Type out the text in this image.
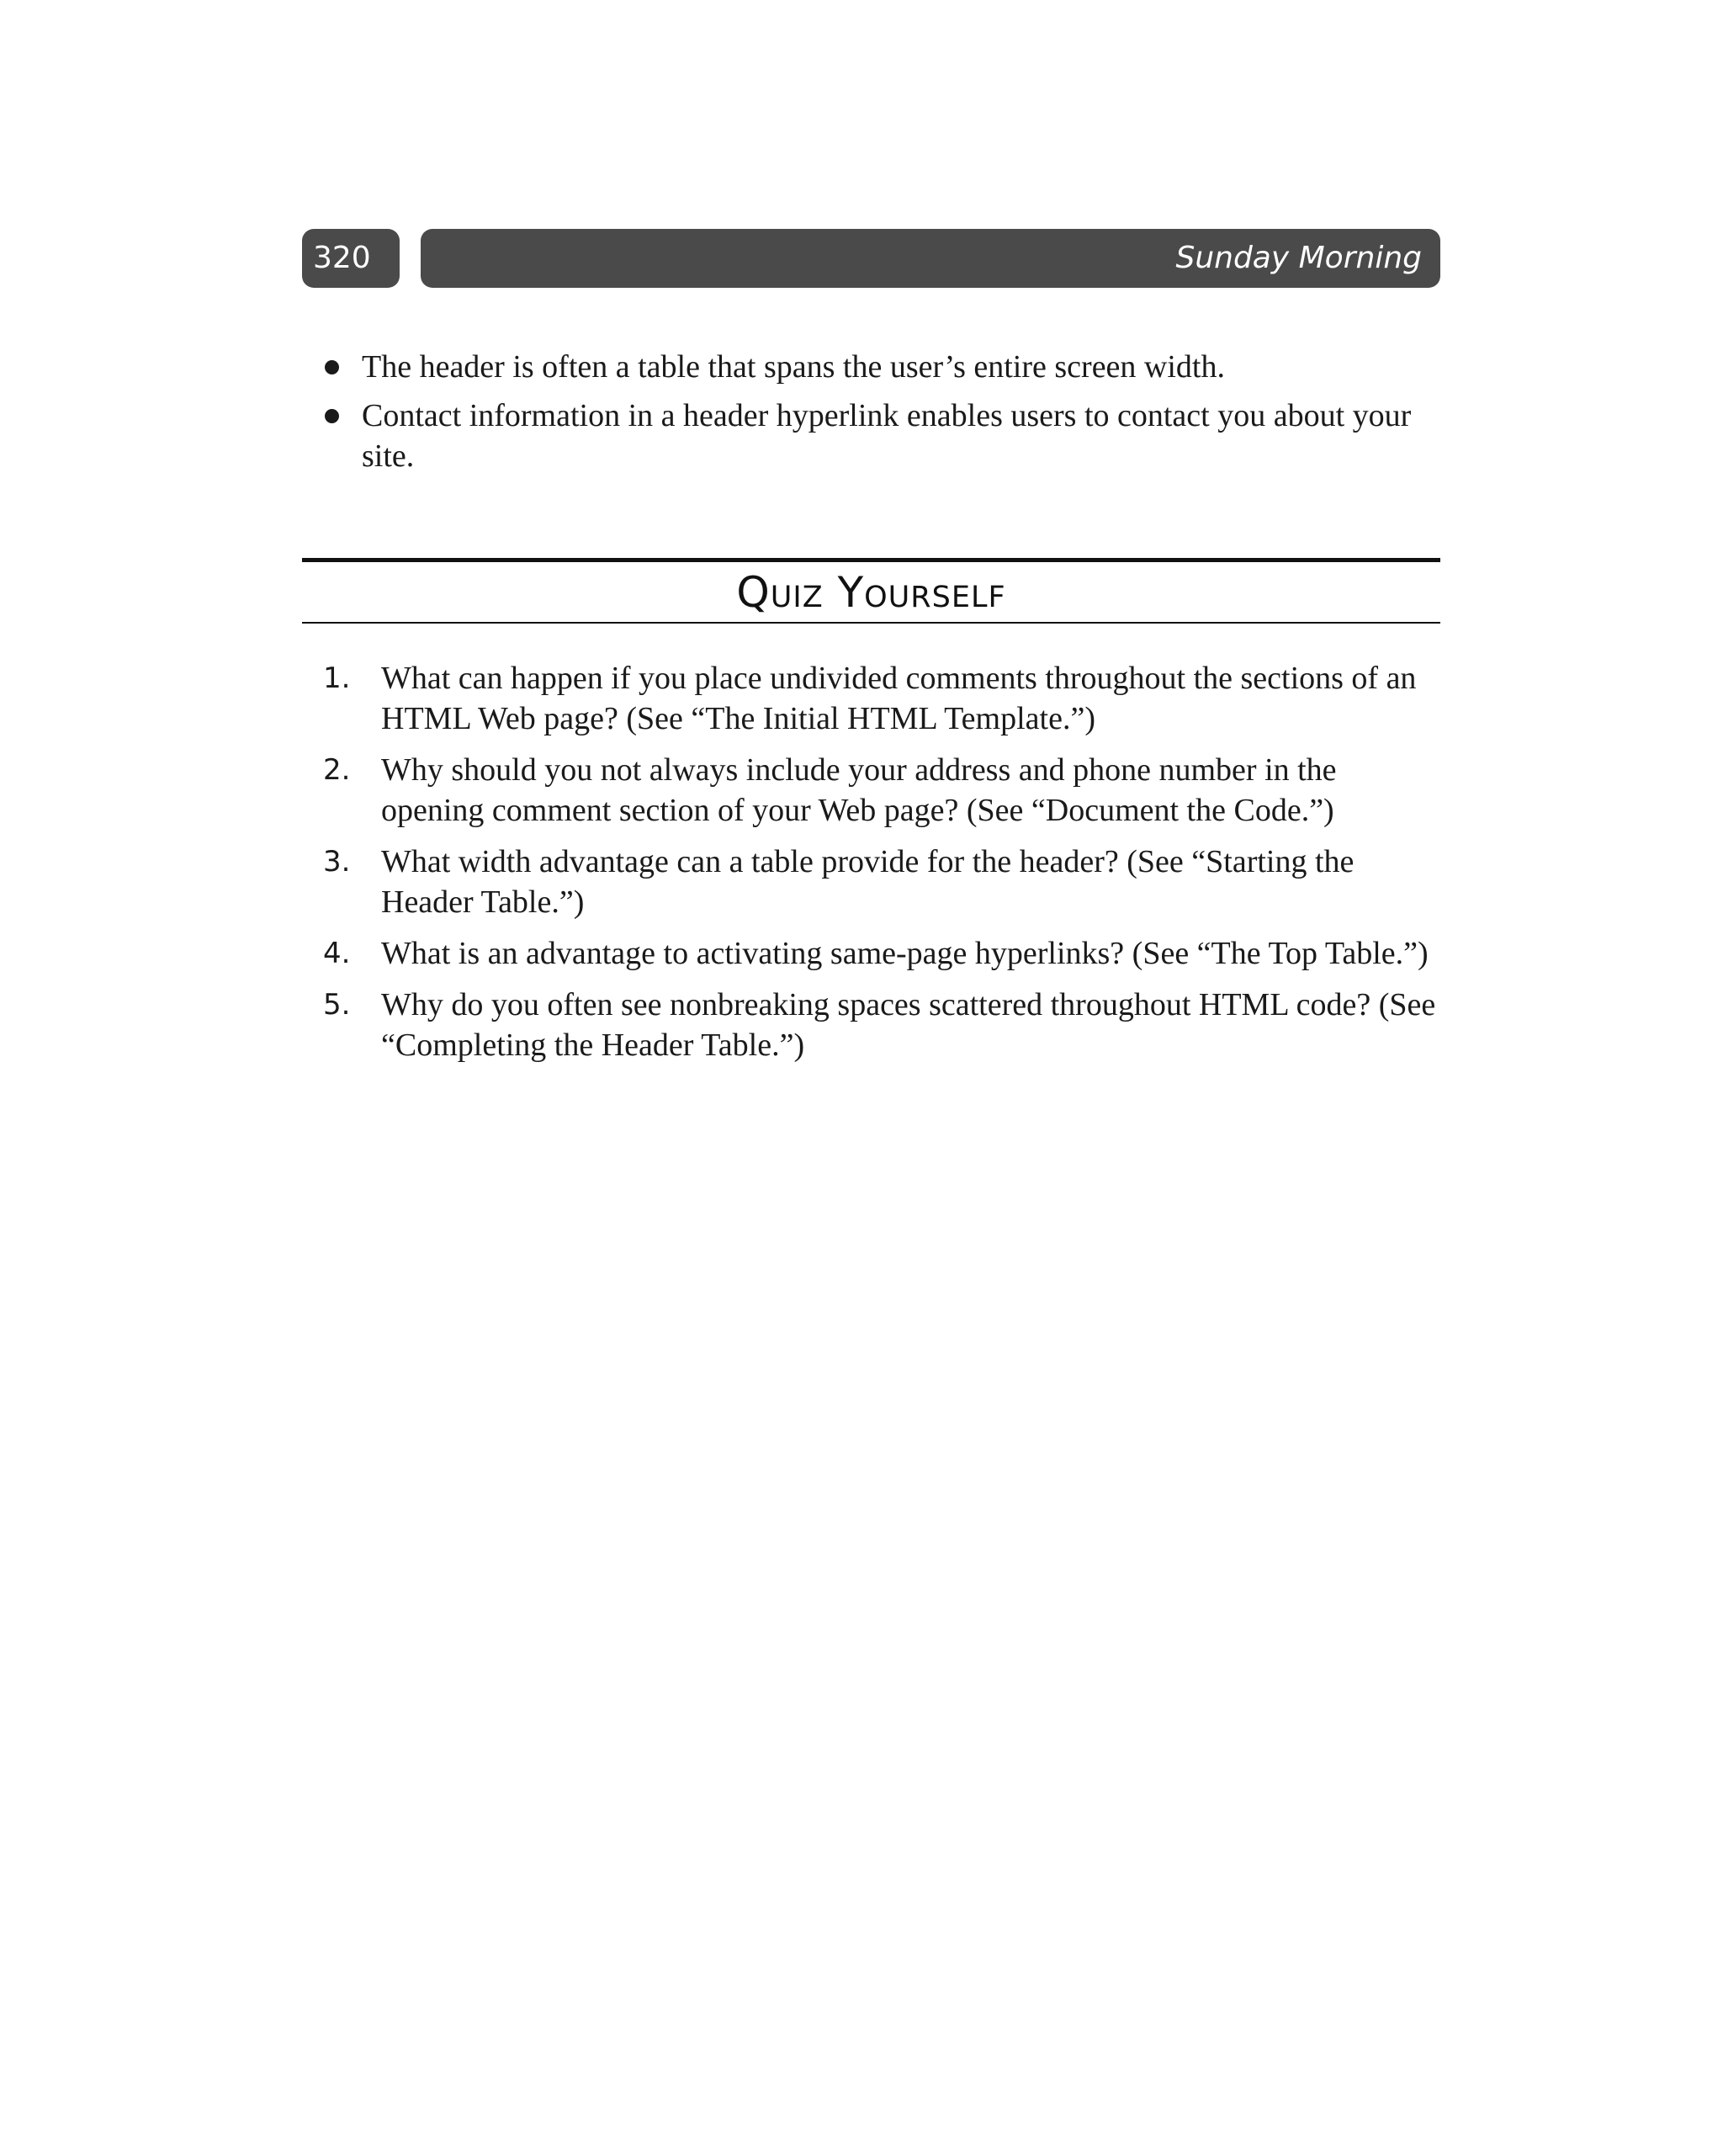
320	Sunday Morning
The header is often a table that spans the user’s entire screen width.
Contact information in a header hyperlink enables users to contact you about your site.
Quiz Yourself
1. What can happen if you place undivided comments throughout the sections of an HTML Web page? (See “The Initial HTML Template.”)
2. Why should you not always include your address and phone number in the opening comment section of your Web page? (See “Document the Code.”)
3. What width advantage can a table provide for the header? (See “Starting the Header Table.”)
4. What is an advantage to activating same-page hyperlinks? (See “The Top Table.”)
5. Why do you often see nonbreaking spaces scattered throughout HTML code? (See “Completing the Header Table.”)
